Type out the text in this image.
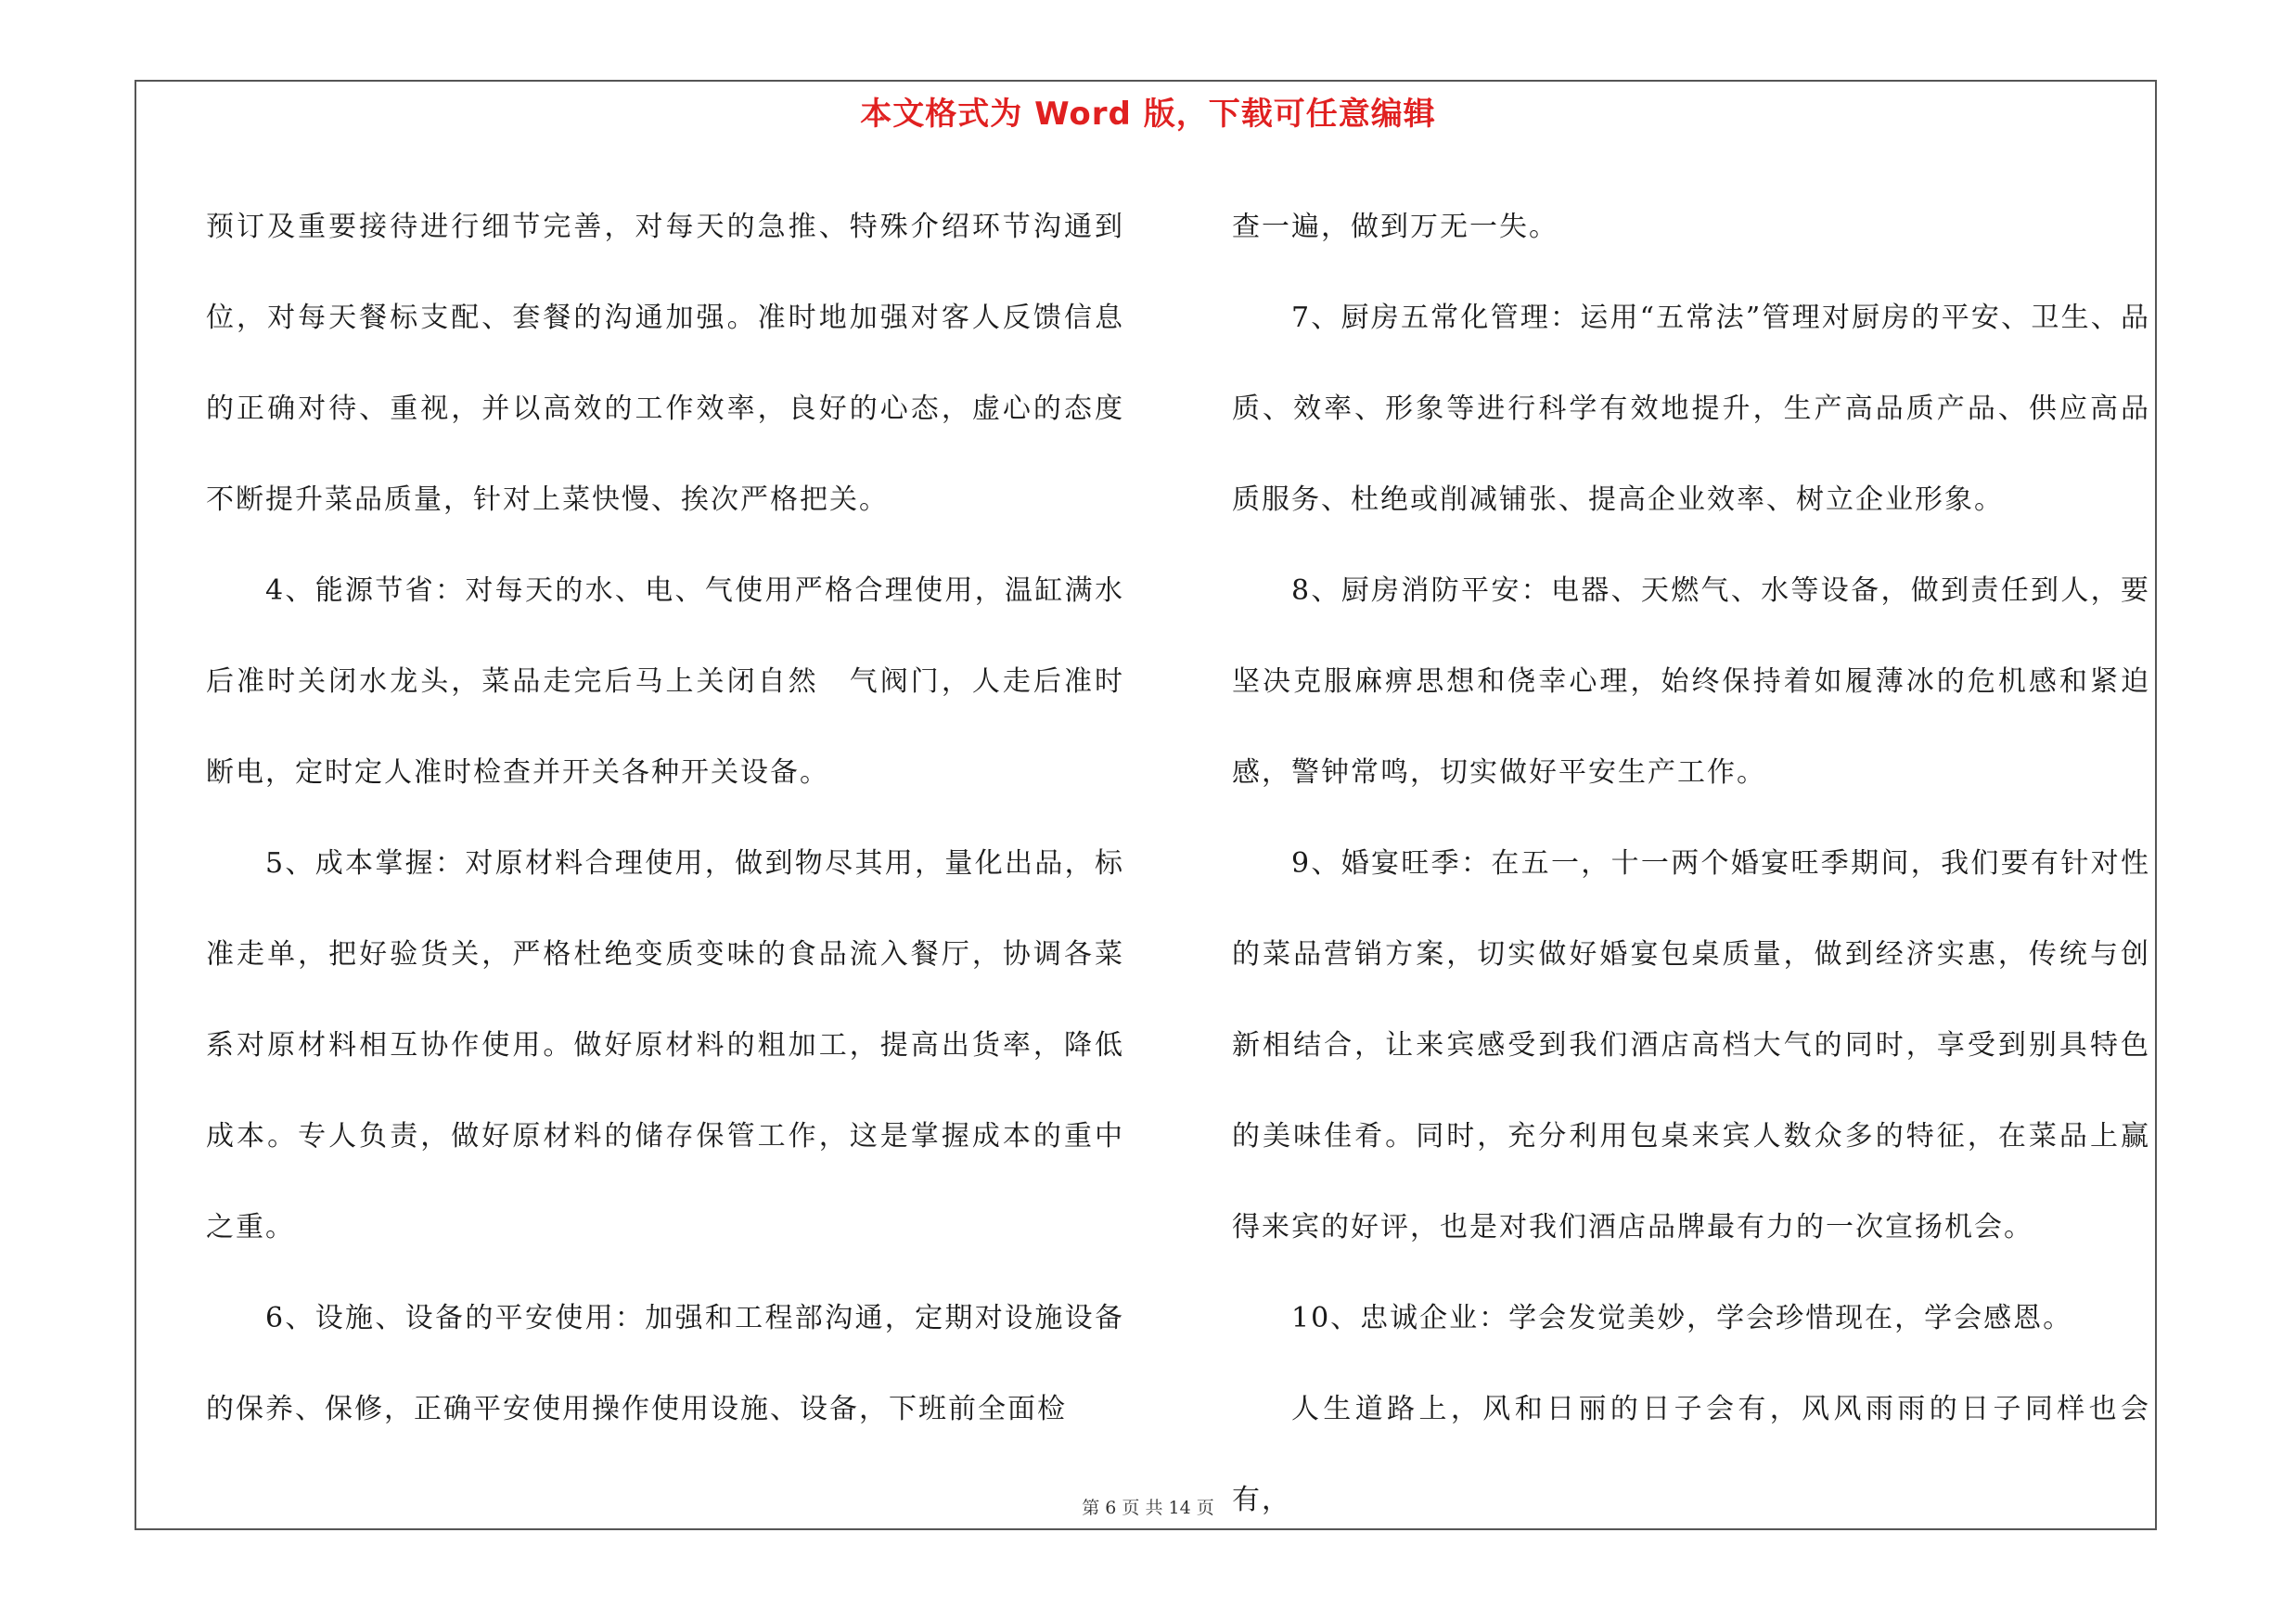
本文格式为 Word 版，下载可任意编辑

预订及重要接待进行细节完善，对每天的急推、特殊介绍环节沟通到位，对每天餐标支配、套餐的沟通加强。准时地加强对客人反馈信息的正确对待、重视，并以高效的工作效率，良好的心态，虚心的态度不断提升菜品质量，针对上菜快慢、挨次严格把关。

4、能源节省：对每天的水、电、气使用严格合理使用，温缸满水后准时关闭水龙头，菜品走完后马上关闭自然　气阀门，人走后准时断电，定时定人准时检查并开关各种开关设备。

5、成本掌握：对原材料合理使用，做到物尽其用，量化出品，标准走单，把好验货关，严格杜绝变质变味的食品流入餐厅，协调各菜系对原材料相互协作使用。做好原材料的粗加工，提高出货率，降低成本。专人负责，做好原材料的储存保管工作，这是掌握成本的重中之重。

6、设施、设备的平安使用：加强和工程部沟通，定期对设施设备的保养、保修，正确平安使用操作使用设施、设备，下班前全面检

查一遍，做到万无一失。

7、厨房五常化管理：运用“五常法”管理对厨房的平安、卫生、品质、效率、形象等进行科学有效地提升，生产高品质产品、供应高品质服务、杜绝或削减铺张、提高企业效率、树立企业形象。

8、厨房消防平安：电器、天燃气、水等设备，做到责任到人，要坚决克服麻痹思想和侥幸心理，始终保持着如履薄冰的危机感和紧迫感，警钟常鸣，切实做好平安生产工作。

9、婚宴旺季：在五一，十一两个婚宴旺季期间，我们要有针对性的菜品营销方案，切实做好婚宴包桌质量，做到经济实惠，传统与创新相结合，让来宾感受到我们酒店高档大气的同时，享受到别具特色的美味佳肴。同时，充分利用包桌来宾人数众多的特征，在菜品上赢得来宾的好评，也是对我们酒店品牌最有力的一次宣扬机会。

10、忠诚企业：学会发觉美妙，学会珍惜现在，学会感恩。

人生道路上，风和日丽的日子会有，风风雨雨的日子同样也会有，

第 6 页 共 14 页
